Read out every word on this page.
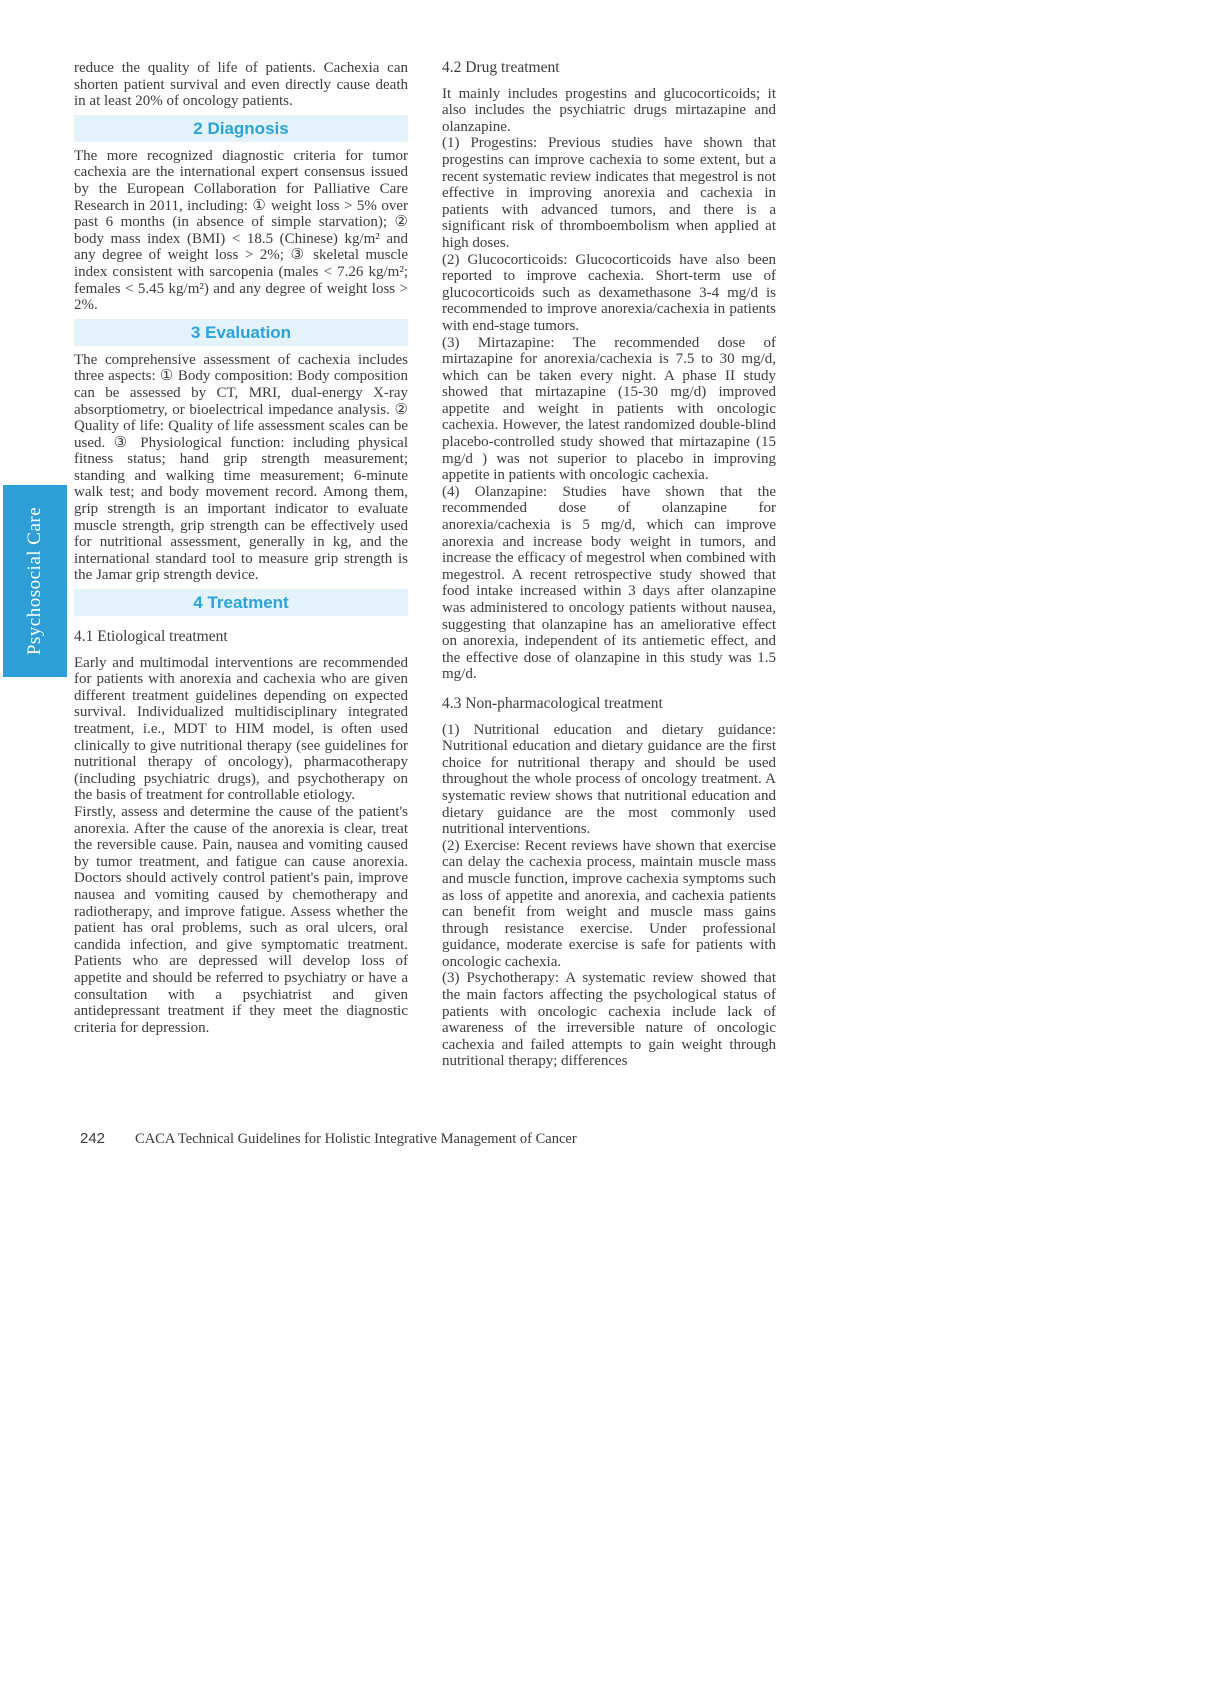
Psychosocial Care

reduce the quality of life of patients. Cachexia can shorten patient survival and even directly cause death in at least 20% of oncology patients.

2 Diagnosis

The more recognized diagnostic criteria for tumor cachexia are the international expert consensus issued by the European Collaboration for Palliative Care Research in 2011, including: ① weight loss > 5% over past 6 months (in absence of simple starvation); ② body mass index (BMI) < 18.5 (Chinese) kg/m² and any degree of weight loss > 2%; ③ skeletal muscle index consistent with sarcopenia (males < 7.26 kg/m²; females < 5.45 kg/m²) and any degree of weight loss > 2%.

3 Evaluation

The comprehensive assessment of cachexia includes three aspects: ① Body composition: Body composition can be assessed by CT, MRI, dual-energy X-ray absorptiometry, or bioelectrical impedance analysis. ② Quality of life: Quality of life assessment scales can be used. ③ Physiological function: including physical fitness status; hand grip strength measurement; standing and walking time measurement; 6-minute walk test; and body movement record. Among them, grip strength is an important indicator to evaluate muscle strength, grip strength can be effectively used for nutritional assessment, generally in kg, and the international standard tool to measure grip strength is the Jamar grip strength device.

4 Treatment

4.1 Etiological treatment

Early and multimodal interventions are recommended for patients with anorexia and cachexia who are given different treatment guidelines depending on expected survival. Individualized multidisciplinary integrated treatment, i.e., MDT to HIM model, is often used clinically to give nutritional therapy (see guidelines for nutritional therapy of oncology), pharmacotherapy (including psychiatric drugs), and psychotherapy on the basis of treatment for controllable etiology.

Firstly, assess and determine the cause of the patient's anorexia. After the cause of the anorexia is clear, treat the reversible cause. Pain, nausea and vomiting caused by tumor treatment, and fatigue can cause anorexia. Doctors should actively control patient's pain, improve nausea and vomiting caused by chemotherapy and radiotherapy, and improve fatigue. Assess whether the patient has oral problems, such as oral ulcers, oral candida infection, and give symptomatic treatment. Patients who are depressed will develop loss of appetite and should be referred to psychiatry or have a consultation with a psychiatrist and given antidepressant treatment if they meet the diagnostic criteria for depression.

4.2 Drug treatment

It mainly includes progestins and glucocorticoids; it also includes the psychiatric drugs mirtazapine and olanzapine.

(1) Progestins: Previous studies have shown that progestins can improve cachexia to some extent, but a recent systematic review indicates that megestrol is not effective in improving anorexia and cachexia in patients with advanced tumors, and there is a significant risk of thromboembolism when applied at high doses.

(2) Glucocorticoids: Glucocorticoids have also been reported to improve cachexia. Short-term use of glucocorticoids such as dexamethasone 3-4 mg/d is recommended to improve anorexia/cachexia in patients with end-stage tumors.

(3) Mirtazapine: The recommended dose of mirtazapine for anorexia/cachexia is 7.5 to 30 mg/d, which can be taken every night. A phase II study showed that mirtazapine (15-30 mg/d) improved appetite and weight in patients with oncologic cachexia. However, the latest randomized double-blind placebo-controlled study showed that mirtazapine (15 mg/d ) was not superior to placebo in improving appetite in patients with oncologic cachexia.

(4) Olanzapine: Studies have shown that the recommended dose of olanzapine for anorexia/cachexia is 5 mg/d, which can improve anorexia and increase body weight in tumors, and increase the efficacy of megestrol when combined with megestrol. A recent retrospective study showed that food intake increased within 3 days after olanzapine was administered to oncology patients without nausea, suggesting that olanzapine has an ameliorative effect on anorexia, independent of its antiemetic effect, and the effective dose of olanzapine in this study was 1.5 mg/d.

4.3 Non-pharmacological treatment

(1) Nutritional education and dietary guidance: Nutritional education and dietary guidance are the first choice for nutritional therapy and should be used throughout the whole process of oncology treatment. A systematic review shows that nutritional education and dietary guidance are the most commonly used nutritional interventions.

(2) Exercise: Recent reviews have shown that exercise can delay the cachexia process, maintain muscle mass and muscle function, improve cachexia symptoms such as loss of appetite and anorexia, and cachexia patients can benefit from weight and muscle mass gains through resistance exercise. Under professional guidance, moderate exercise is safe for patients with oncologic cachexia.

(3) Psychotherapy: A systematic review showed that the main factors affecting the psychological status of patients with oncologic cachexia include lack of awareness of the irreversible nature of oncologic cachexia and failed attempts to gain weight through nutritional therapy; differences

242 CACA Technical Guidelines for Holistic Integrative Management of Cancer
